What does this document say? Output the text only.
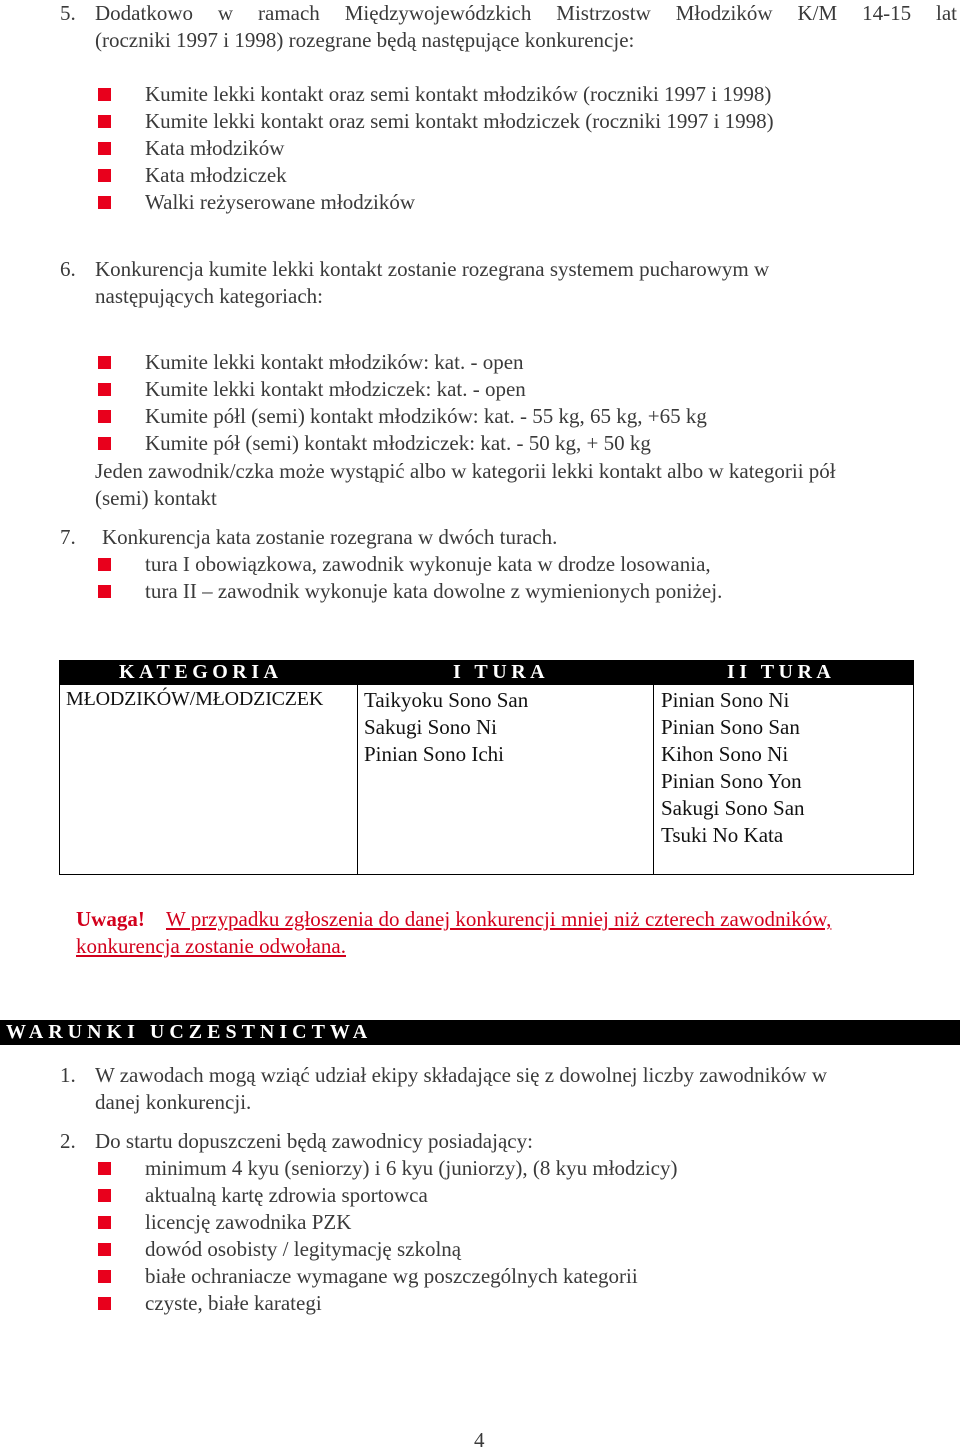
5. Dodatkowo w ramach Międzywojewódzkich Mistrzostw Młodzików K/M 14-15 lat
(roczniki 1997 i 1998) rozegrane będą następujące konkurencje:
Kumite lekki kontakt oraz semi kontakt młodzików (roczniki 1997 i 1998)
Kumite lekki kontakt oraz semi kontakt młodziczek (roczniki 1997 i 1998)
Kata młodzików
Kata młodziczek
Walki reżyserowane młodzików
6. Konkurencja kumite lekki kontakt zostanie rozegrana systemem pucharowym w
następujących kategoriach:
Kumite lekki kontakt młodzików: kat. - open
Kumite lekki kontakt młodziczek: kat. - open
Kumite półl (semi) kontakt młodzików: kat. - 55 kg, 65 kg, +65 kg
Kumite pół (semi) kontakt młodziczek: kat. - 50 kg, + 50 kg
Jeden zawodnik/czka może wystąpić albo w kategorii lekki kontakt albo w kategorii pół
(semi) kontakt
7. Konkurencja kata zostanie rozegrana w dwóch turach.
tura I obowiązkowa, zawodnik wykonuje kata w drodze losowania,
tura II – zawodnik wykonuje kata dowolne z wymienionych poniżej.
KATEGORIA	I TURA	II TURA
MŁODZIKÓW/MŁODZICZEK Taikyoku Sono San
Sakugi Sono Ni
Pinian Sono Ichi
Pinian Sono Ni
Pinian Sono San
Kihon Sono Ni
Pinian Sono Yon
Sakugi Sono San
Tsuki No Kata
Uwaga! W przypadku zgłoszenia do danej konkurencji mniej niż czterech zawodników,
konkurencja zostanie odwołana.
WARUNKI UCZESTNICTWA
1. W zawodach mogą wziąć udział ekipy składające się z dowolnej liczby zawodników w
danej konkurencji.
2. Do startu dopuszczeni będą zawodnicy posiadający:
minimum 4 kyu (seniorzy) i 6 kyu (juniorzy), (8 kyu młodzicy)
aktualną kartę zdrowia sportowca
licencję zawodnika PZK
dowód osobisty / legitymację szkolną
białe ochraniacze wymagane wg poszczególnych kategorii
czyste, białe karategi
4
